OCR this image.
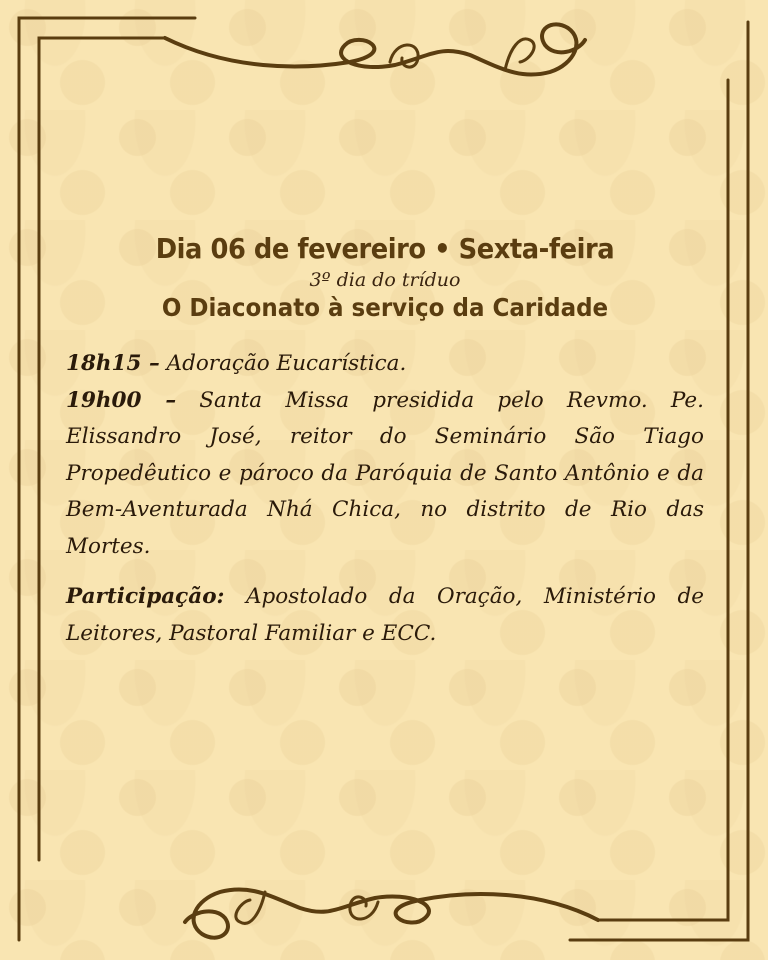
Dia 06 de fevereiro • Sexta-feira

3º dia do tríduo

O Diaconato à serviço da Caridade

18h15 – Adoração Eucarística.

19h00 – Santa Missa presidida pelo Revmo. Pe. Elissandro José, reitor do Seminário São Tiago Propedêutico e pároco da Paróquia de Santo Antônio e da Bem-Aventurada Nhá Chica, no distrito de Rio das Mortes.

Participação: Apostolado da Oração, Ministério de Leitores, Pastoral Familiar e ECC.
